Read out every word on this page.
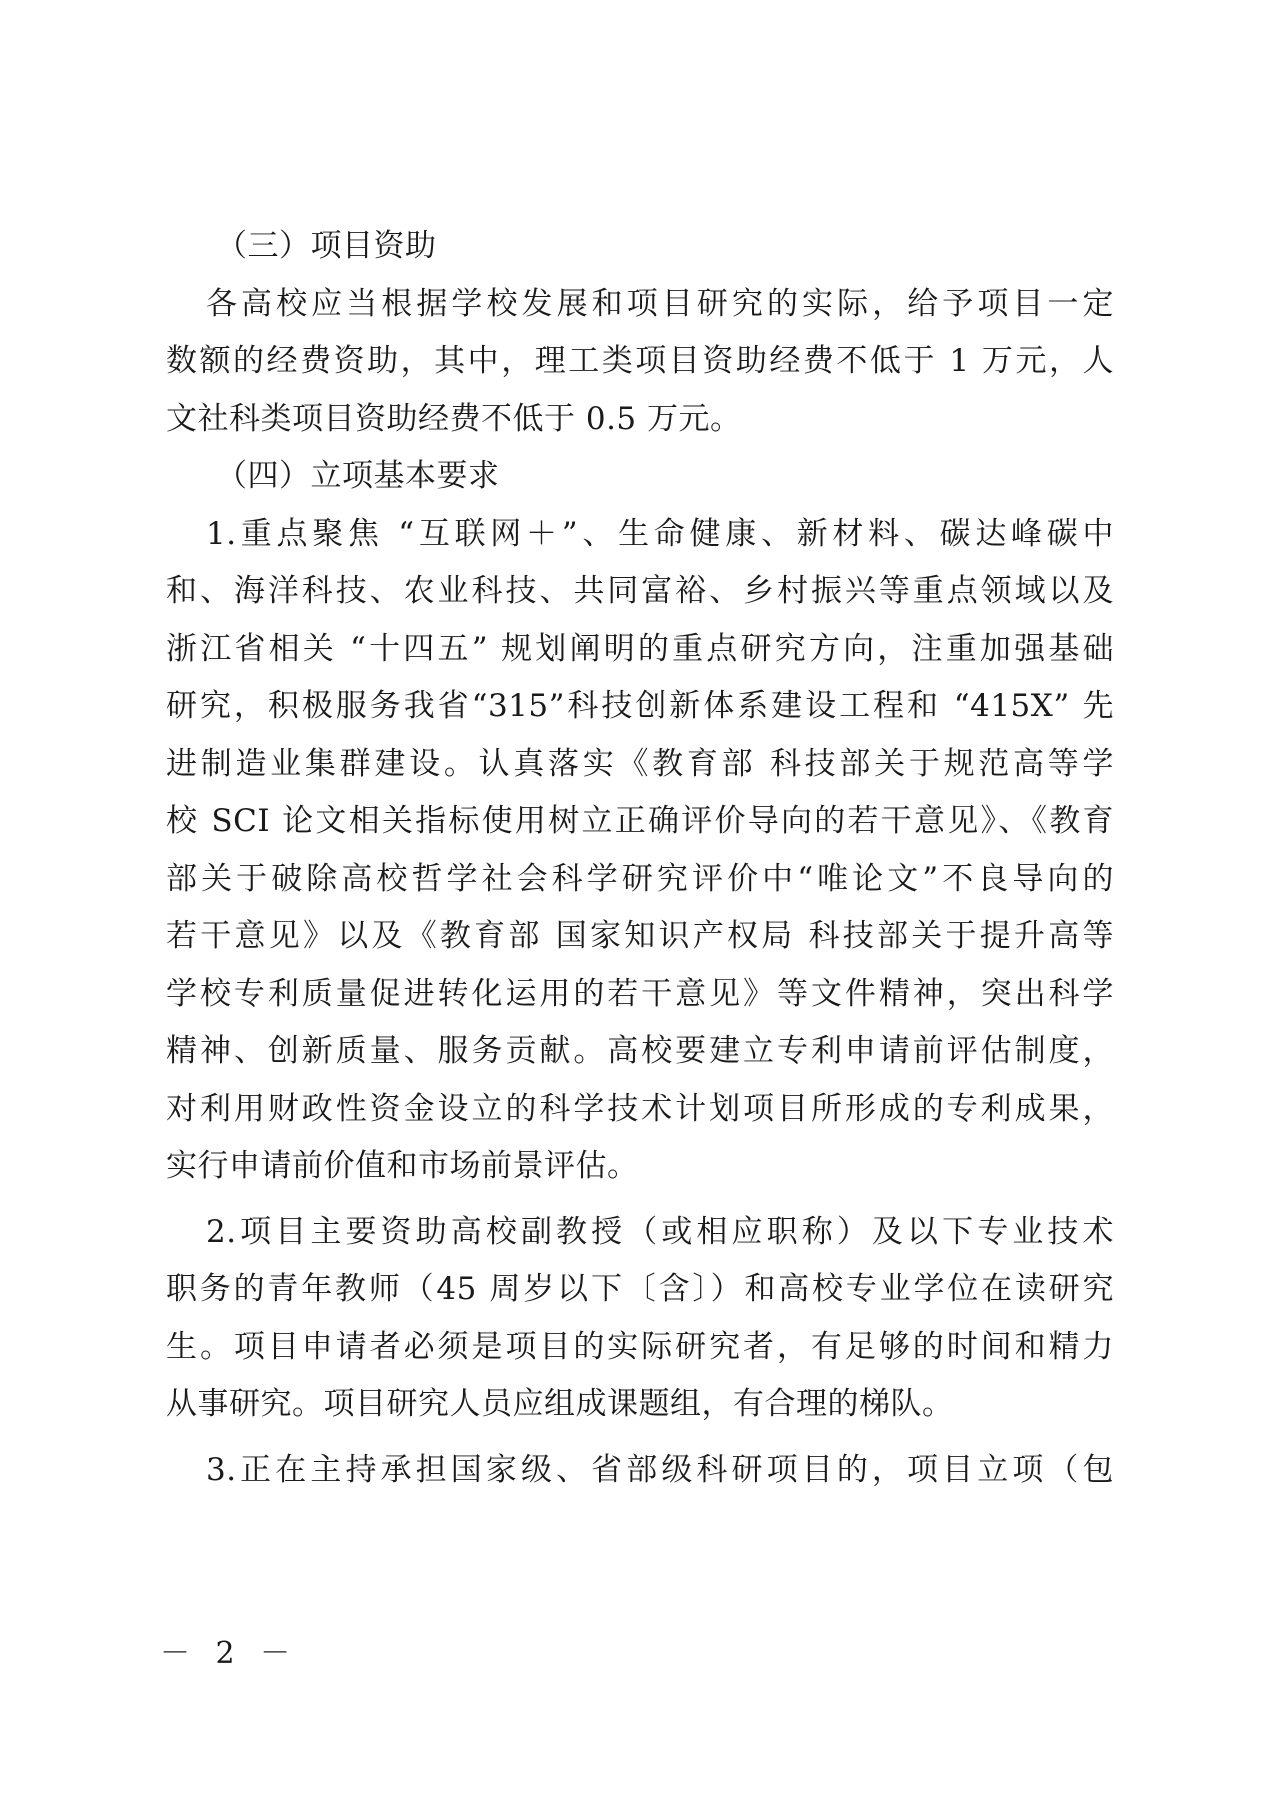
（三）项目资助
各高校应当根据学校发展和项目研究的实际，给予项目一定
数额的经费资助，其中，理工类项目资助经费不低于 1 万元，人
文社科类项目资助经费不低于 0.5 万元。
（四）立项基本要求
1.重点聚焦 “互联网＋”、生命健康、新材料、碳达峰碳中
和、海洋科技、农业科技、共同富裕、乡村振兴等重点领域以及
浙江省相关 “十四五” 规划阐明的重点研究方向，注重加强基础
研究，积极服务我省“315”科技创新体系建设工程和 “415X” 先
进制造业集群建设。认真落实《教育部 科技部关于规范高等学
校 SCI 论文相关指标使用树立正确评价导向的若干意见》、《教育
部关于破除高校哲学社会科学研究评价中“唯论文”不良导向的
若干意见》以及《教育部 国家知识产权局 科技部关于提升高等
学校专利质量促进转化运用的若干意见》等文件精神，突出科学
精神、创新质量、服务贡献。高校要建立专利申请前评估制度，
对利用财政性资金设立的科学技术计划项目所形成的专利成果，
实行申请前价值和市场前景评估。
2.项目主要资助高校副教授（或相应职称）及以下专业技术
职务的青年教师（45 周岁以下〔含〕）和高校专业学位在读研究
生。项目申请者必须是项目的实际研究者，有足够的时间和精力
从事研究。项目研究人员应组成课题组，有合理的梯队。
3.正在主持承担国家级、省部级科研项目的，项目立项（包
－ 2 －
